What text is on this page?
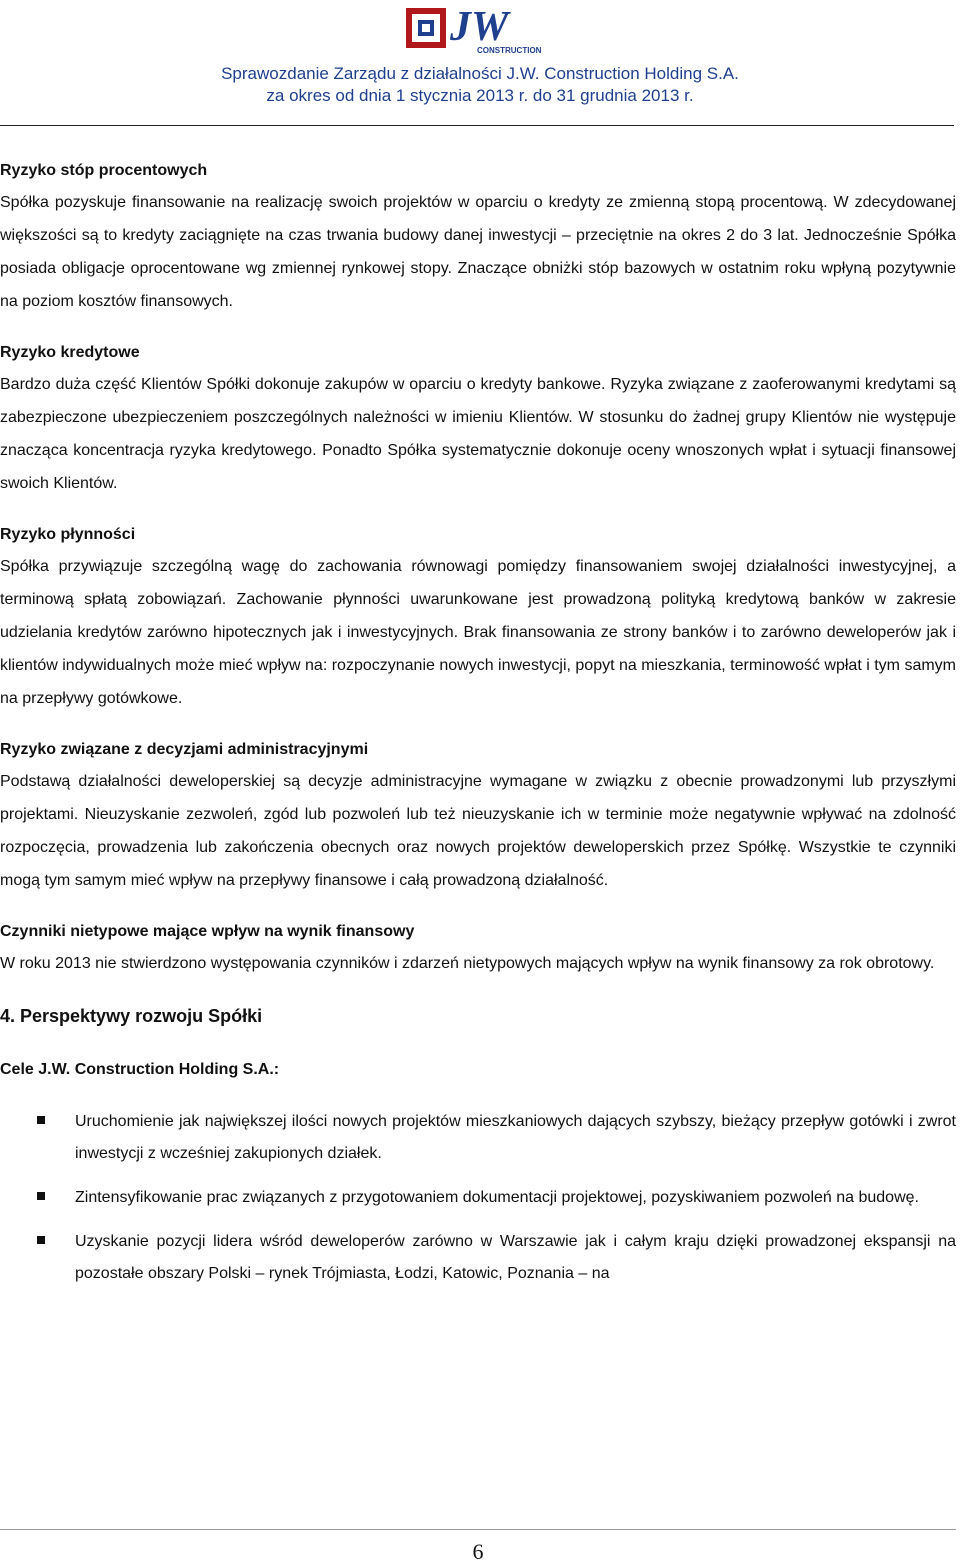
JW
CONSTRUCTION
Sprawozdanie Zarządu z działalności J.W. Construction Holding S.A.
za okres od dnia 1 stycznia 2013 r. do 31 grudnia 2013 r.
Ryzyko stóp procentowych

Spółka pozyskuje finansowanie na realizację swoich projektów w oparciu o kredyty ze zmienną stopą procentową. W zdecydowanej większości są to kredyty zaciągnięte na czas trwania budowy danej inwestycji – przeciętnie na okres 2 do 3 lat. Jednocześnie Spółka posiada obligacje oprocentowane wg zmiennej rynkowej stopy. Znaczące obniżki stóp bazowych w ostatnim roku wpłyną pozytywnie na poziom kosztów finansowych.

Ryzyko kredytowe

Bardzo duża część Klientów Spółki dokonuje zakupów w oparciu o kredyty bankowe. Ryzyka związane z zaoferowanymi kredytami są zabezpieczone ubezpieczeniem poszczególnych należności w imieniu Klientów. W stosunku do żadnej grupy Klientów nie występuje znacząca koncentracja ryzyka kredytowego. Ponadto Spółka systematycznie dokonuje oceny wnoszonych wpłat i sytuacji finansowej swoich Klientów.

Ryzyko płynności

Spółka przywiązuje szczególną wagę do zachowania równowagi pomiędzy finansowaniem swojej działalności inwestycyjnej, a terminową spłatą zobowiązań. Zachowanie płynności uwarunkowane jest prowadzoną polityką kredytową banków w zakresie udzielania kredytów zarówno hipotecznych jak i inwestycyjnych. Brak finansowania ze strony banków i to zarówno deweloperów jak i klientów indywidualnych może mieć wpływ na: rozpoczynanie nowych inwestycji, popyt na mieszkania, terminowość wpłat i tym samym na przepływy gotówkowe.

Ryzyko związane z decyzjami administracyjnymi

Podstawą działalności deweloperskiej są decyzje administracyjne wymagane w związku z obecnie prowadzonymi lub przyszłymi projektami. Nieuzyskanie zezwoleń, zgód lub pozwoleń lub też nieuzyskanie ich w terminie może negatywnie wpływać na zdolność rozpoczęcia, prowadzenia lub zakończenia obecnych oraz nowych projektów deweloperskich przez Spółkę. Wszystkie te czynniki mogą tym samym mieć wpływ na przepływy finansowe i całą prowadzoną działalność.

Czynniki nietypowe mające wpływ na wynik finansowy

W roku 2013 nie stwierdzono występowania czynników i zdarzeń nietypowych mających wpływ na wynik finansowy za rok obrotowy.

4. Perspektywy rozwoju Spółki
Cele J.W. Construction Holding S.A.:
Uruchomienie jak największej ilości nowych projektów mieszkaniowych dających szybszy, bieżący przepływ gotówki i zwrot inwestycji z wcześniej zakupionych działek.
Zintensyfikowanie prac związanych z przygotowaniem dokumentacji projektowej, pozyskiwaniem pozwoleń na budowę.
Uzyskanie pozycji lidera wśród deweloperów zarówno w Warszawie jak i całym kraju dzięki prowadzonej ekspansji na pozostałe obszary Polski – rynek Trójmiasta, Łodzi, Katowic, Poznania – na
6
